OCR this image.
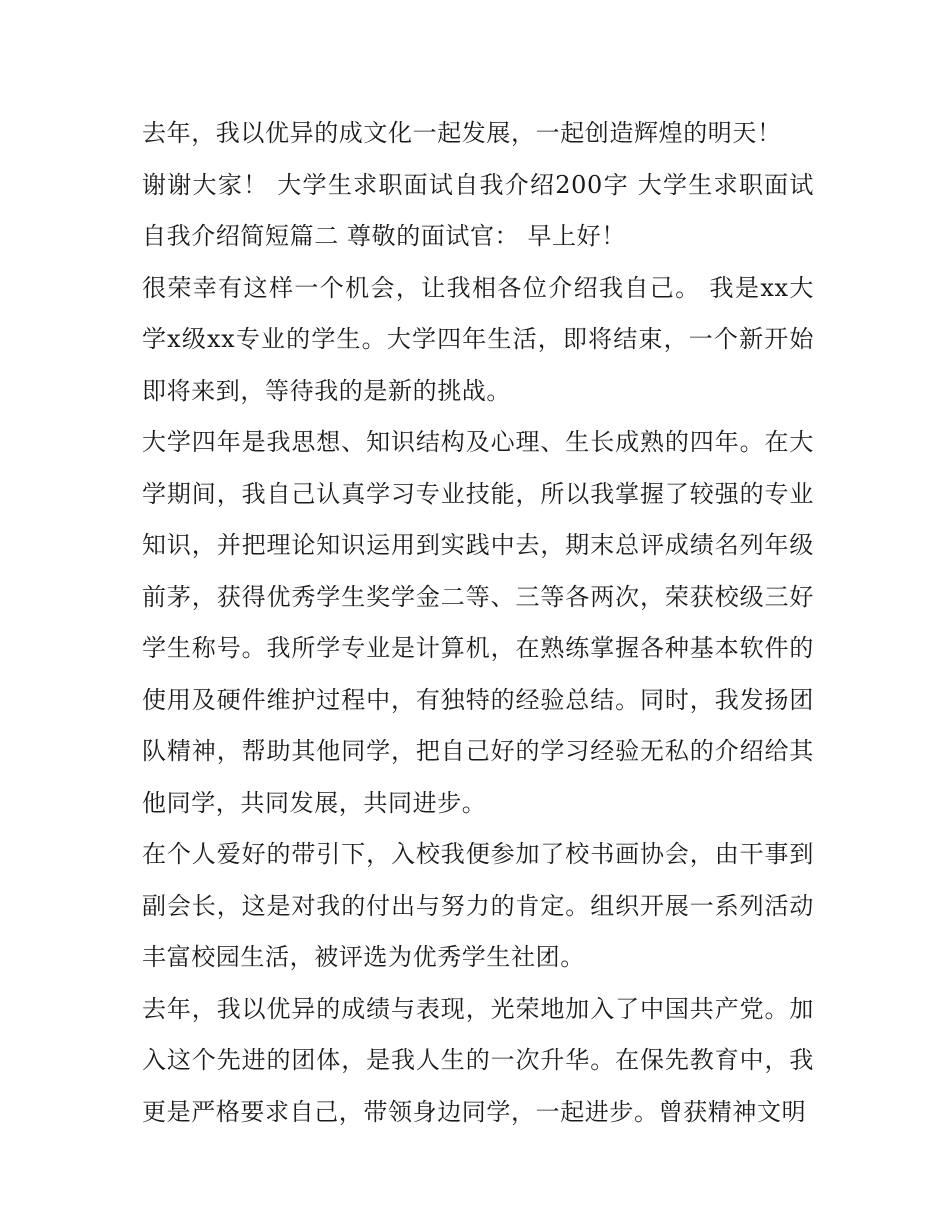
去年，我以优异的成文化一起发展，一起创造辉煌的明天！

谢谢大家！ 大学生求职面试自我介绍200字 大学生求职面试自我介绍简短篇二 尊敬的面试官： 早上好！

很荣幸有这样一个机会，让我相各位介绍我自己。 我是xx大学x级xx专业的学生。大学四年生活，即将结束，一个新开始即将来到，等待我的是新的挑战。

大学四年是我思想、知识结构及心理、生长成熟的四年。在大学期间，我自己认真学习专业技能，所以我掌握了较强的专业知识，并把理论知识运用到实践中去，期末总评成绩名列年级前茅，获得优秀学生奖学金二等、三等各两次，荣获校级三好学生称号。我所学专业是计算机，在熟练掌握各种基本软件的使用及硬件维护过程中，有独特的经验总结。同时，我发扬团队精神，帮助其他同学，把自己好的学习经验无私的介绍给其他同学，共同发展，共同进步。

在个人爱好的带引下，入校我便参加了校书画协会，由干事到副会长，这是对我的付出与努力的肯定。组织开展一系列活动丰富校园生活，被评选为优秀学生社团。

去年，我以优异的成绩与表现，光荣地加入了中国共产党。加入这个先进的团体，是我人生的一次升华。在保先教育中，我更是严格要求自己，带领身边同学，一起进步。曾获精神文明
